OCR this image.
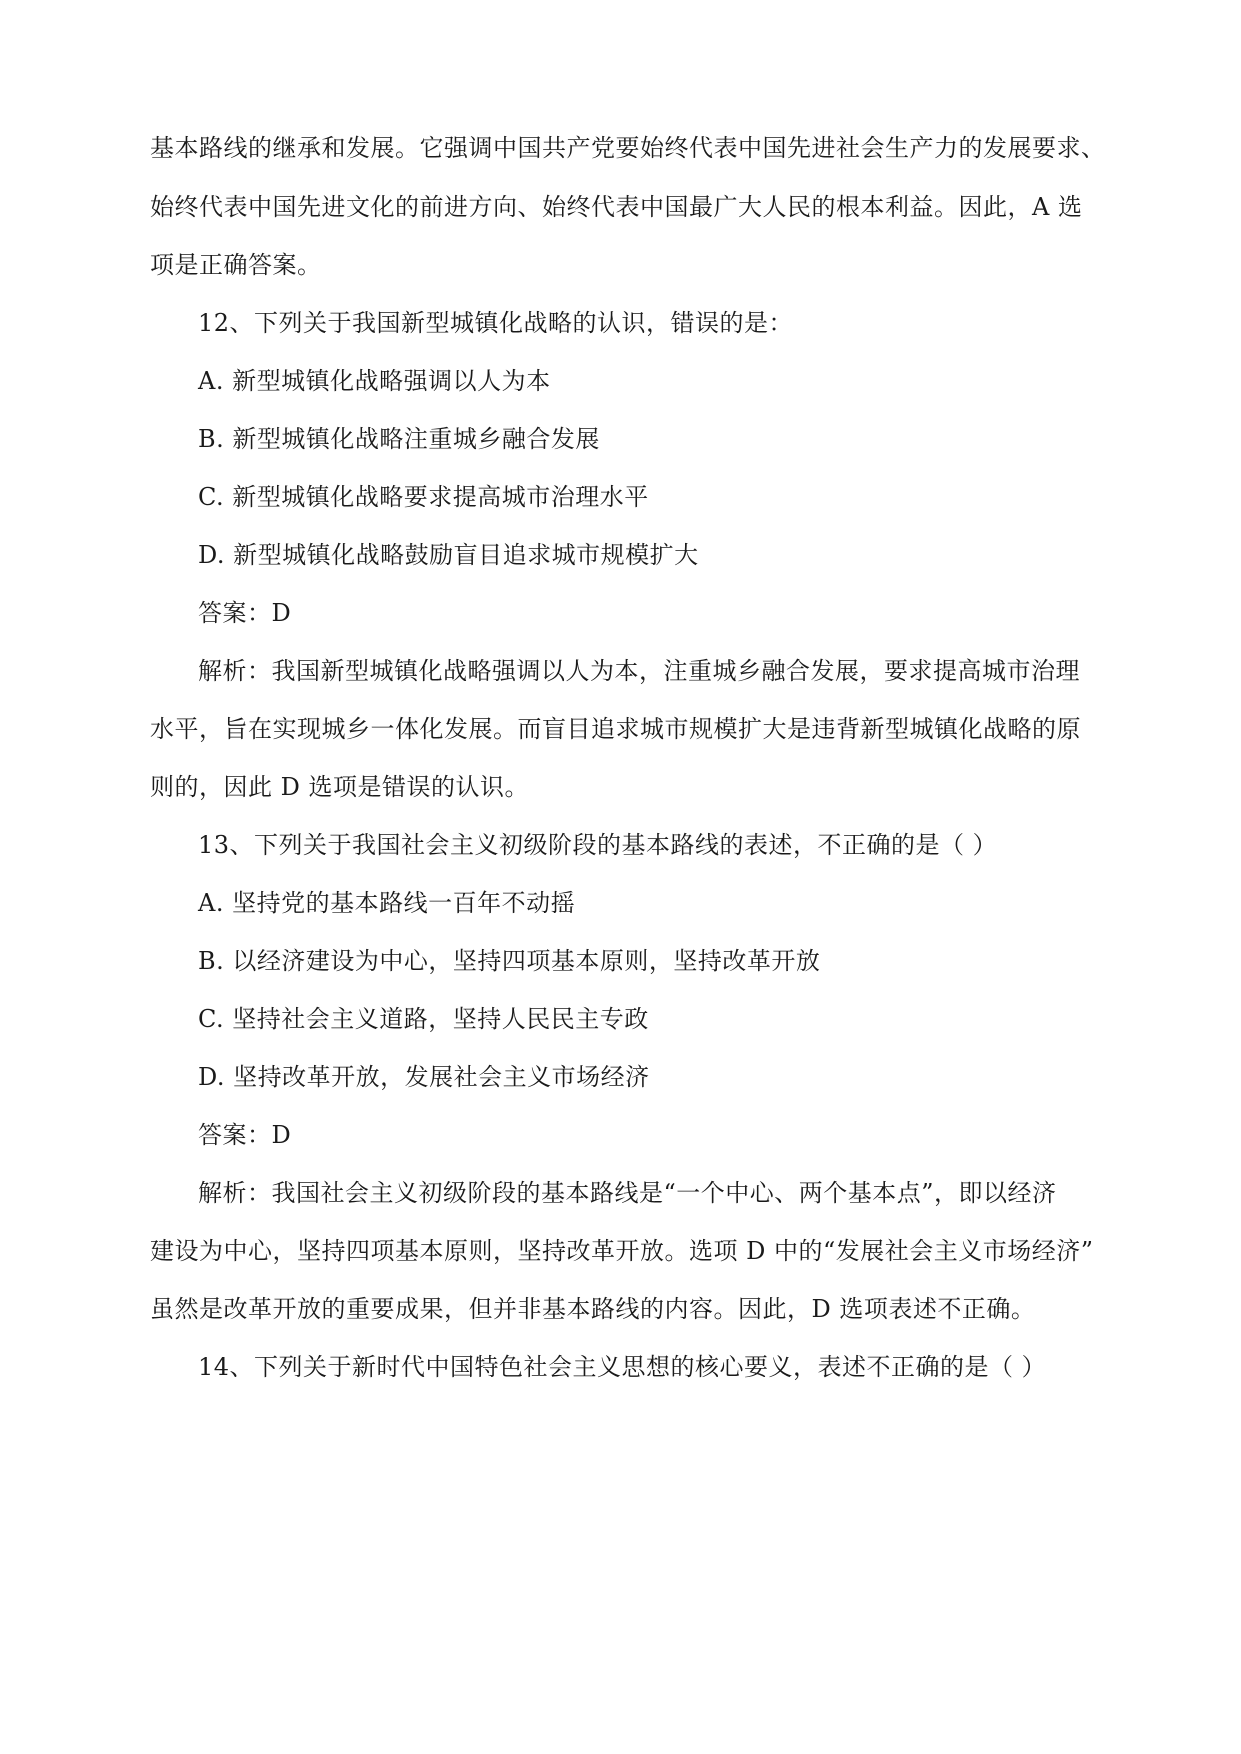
基本路线的继承和发展。它强调中国共产党要始终代表中国先进社会生产力的发展要求、
始终代表中国先进文化的前进方向、始终代表中国最广大人民的根本利益。因此，A 选
项是正确答案。
12、下列关于我国新型城镇化战略的认识，错误的是：
A. 新型城镇化战略强调以人为本
B. 新型城镇化战略注重城乡融合发展
C. 新型城镇化战略要求提高城市治理水平
D. 新型城镇化战略鼓励盲目追求城市规模扩大
答案：D
解析：我国新型城镇化战略强调以人为本，注重城乡融合发展，要求提高城市治理
水平，旨在实现城乡一体化发展。而盲目追求城市规模扩大是违背新型城镇化战略的原
则的，因此 D 选项是错误的认识。
13、下列关于我国社会主义初级阶段的基本路线的表述，不正确的是（ ）
A. 坚持党的基本路线一百年不动摇
B. 以经济建设为中心，坚持四项基本原则，坚持改革开放
C. 坚持社会主义道路，坚持人民民主专政
D. 坚持改革开放，发展社会主义市场经济
答案：D
解析：我国社会主义初级阶段的基本路线是“一个中心、两个基本点”，即以经济
建设为中心，坚持四项基本原则，坚持改革开放。选项 D 中的“发展社会主义市场经济”
虽然是改革开放的重要成果，但并非基本路线的内容。因此，D 选项表述不正确。
14、下列关于新时代中国特色社会主义思想的核心要义，表述不正确的是（ ）
